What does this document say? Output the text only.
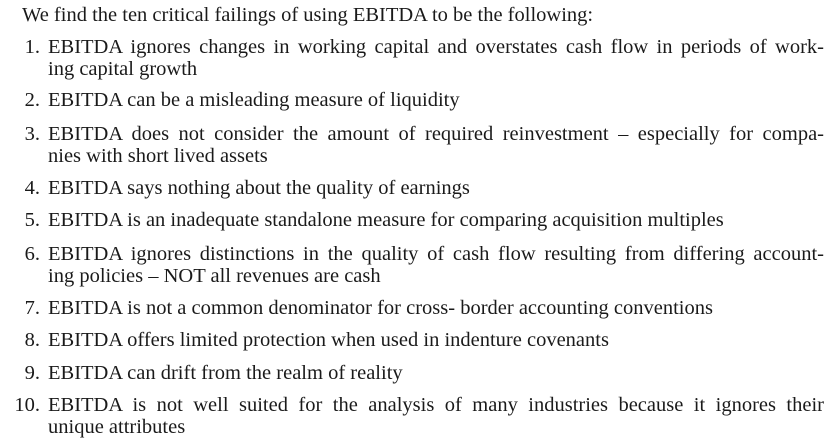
We find the ten critical failings of using EBITDA to be the following:
1. EBITDA ignores changes in working capital and overstates cash flow in periods of work-
ing capital growth
2. EBITDA can be a misleading measure of liquidity
3. EBITDA does not consider the amount of required reinvestment – especially for compa-
nies with short lived assets
4. EBITDA says nothing about the quality of earnings
5. EBITDA is an inadequate standalone measure for comparing acquisition multiples
6. EBITDA ignores distinctions in the quality of cash flow resulting from differing account-
ing policies – NOT all revenues are cash
7. EBITDA is not a common denominator for cross- border accounting conventions
8. EBITDA offers limited protection when used in indenture covenants
9. EBITDA can drift from the realm of reality
10. EBITDA is not well suited for the analysis of many industries because it ignores their
unique attributes
